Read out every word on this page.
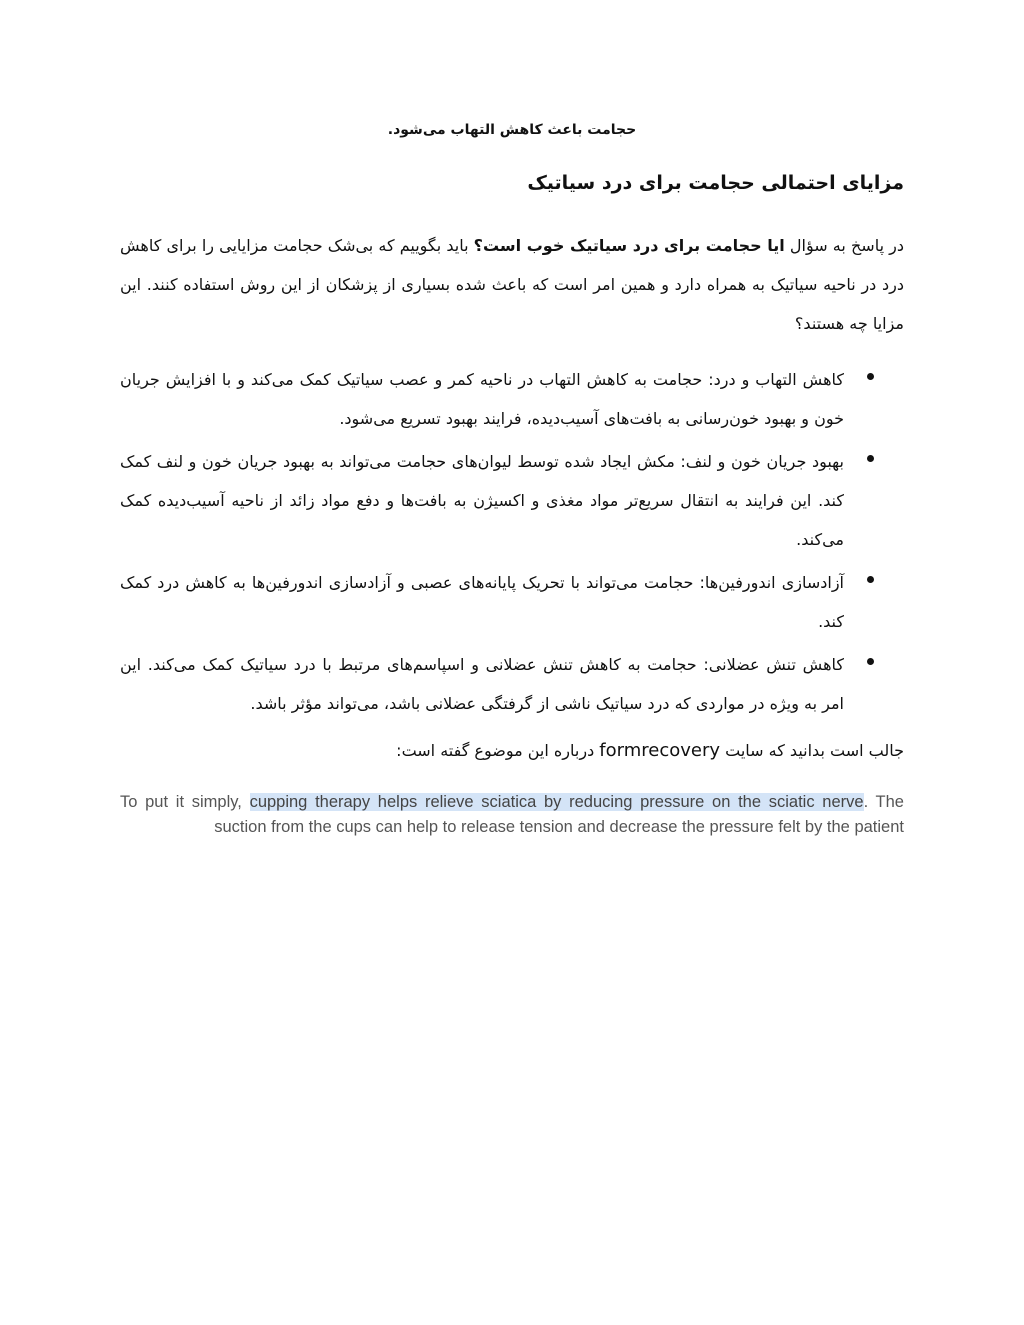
حجامت باعث کاهش التهاب می‌شود.
مزایای احتمالی حجامت برای درد سیاتیک

در پاسخ به سؤال ایا حجامت برای درد سیاتیک خوب است؟ باید بگوییم که بی‌شک حجامت مزایایی را برای کاهش درد در ناحیه سیاتیک به همراه دارد و همین امر است که باعث شده بسیاری از پزشکان از این روش استفاده کنند. این مزایا چه هستند؟

کاهش التهاب و درد: حجامت به کاهش التهاب در ناحیه کمر و عصب سیاتیک کمک می‌کند و با افزایش جریان خون و بهبود خون‌رسانی به بافت‌های آسیب‌دیده، فرایند بهبود تسریع می‌شود.
بهبود جریان خون و لنف: مکش ایجاد شده توسط لیوان‌های حجامت می‌تواند به بهبود جریان خون و لنف کمک کند. این فرایند به انتقال سریع‌تر مواد مغذی و اکسیژن به بافت‌ها و دفع مواد زائد از ناحیه آسیب‌دیده کمک می‌کند.
آزادسازی اندورفین‌ها: حجامت می‌تواند با تحریک پایانه‌های عصبی و آزادسازی اندورفین‌ها به کاهش درد کمک کند.
کاهش تنش عضلانی: حجامت به کاهش تنش عضلانی و اسپاسم‌های مرتبط با درد سیاتیک کمک می‌کند. این امر به ویژه در مواردی که درد سیاتیک ناشی از گرفتگی عضلانی باشد، می‌تواند مؤثر باشد.
جالب است بدانید که سایت formrecovery درباره این موضوع گفته است:

To put it simply, cupping therapy helps relieve sciatica by reducing pressure on the sciatic nerve. The suction from the cups can help to release tension and decrease the pressure felt by the patient
